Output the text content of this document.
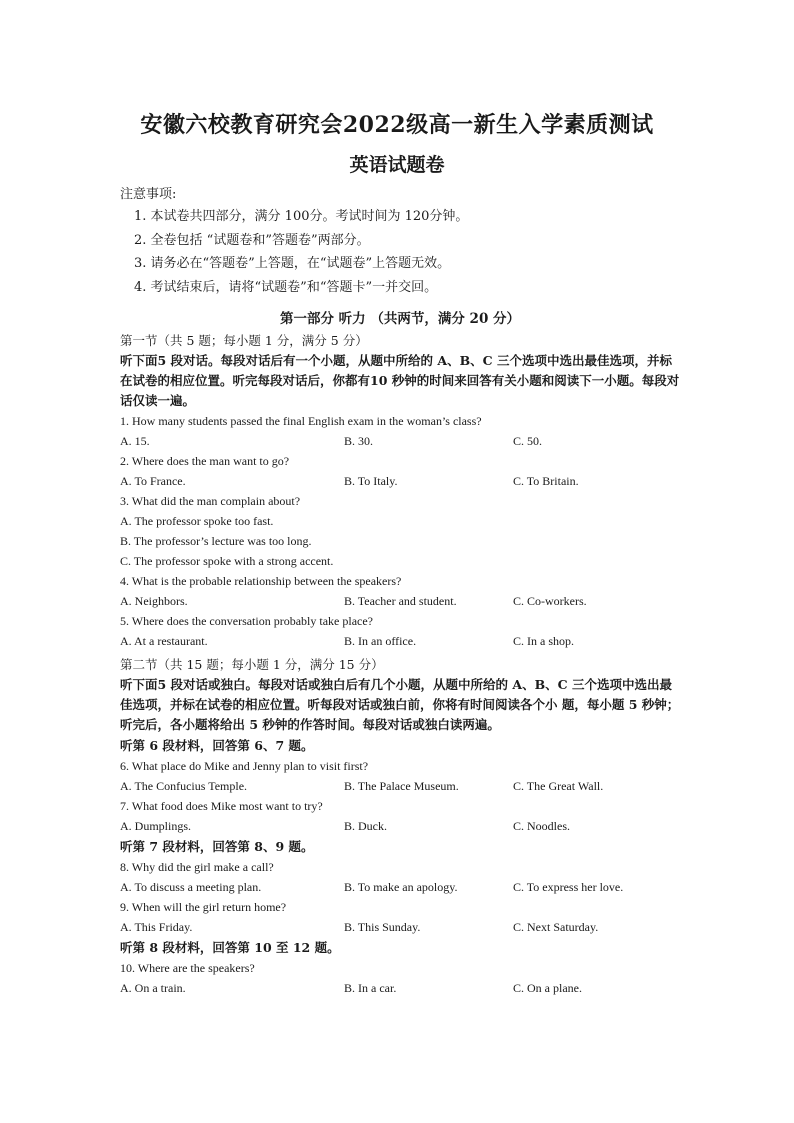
安徽六校教育研究会2022级高一新生入学素质测试
英语试题卷
注意事项:
1. 本试卷共四部分，满分 100分。考试时间为 120分钟。
2. 全卷包括 “试题卷和”答题卷”两部分。
3. 请务必在“答题卷”上答题，在“试题卷”上答题无效。
4. 考试结束后，请将“试题卷”和“答题卡”一并交回。
第一部分 听力 （共两节，满分 20 分）
第一节（共 5 题；每小题 1 分，满分 5 分）
听下面5 段对话。每段对话后有一个小题，从题中所给的 A、B、C 三个选项中选出最佳选项，并标在试卷的相应位置。听完每段对话后，你都有10 秒钟的时间来回答有关小题和阅读下一小题。每段对话仅读一遍。
1. How many students passed the final English exam in the woman’s class?
A. 15.	B. 30.	C. 50.
2. Where does the man want to go?
A. To France.	B. To Italy.	C. To Britain.
3. What did the man complain about?
A. The professor spoke too fast.
B. The professor’s lecture was too long.
C. The professor spoke with a strong accent.
4. What is the probable relationship between the speakers?
A. Neighbors.	B. Teacher and student.	C. Co-workers.
5. Where does the conversation probably take place?
A. At a restaurant.	B. In an office.	C. In a shop.
第二节（共 15 题；每小题 1 分，满分 15 分）
听下面5 段对话或独白。每段对话或独白后有几个小题，从题中所给的 A、B、C 三个选项中选出最佳选项，并标在试卷的相应位置。听每段对话或独白前，你将有时间阅读各个小 题，每小题 5 秒钟；听完后，各小题将给出 5 秒钟的作答时间。每段对话或独白读两遍。
听第 6 段材料，回答第 6、7 题。
6. What place do Mike and Jenny plan to visit first?
A. The Confucius Temple.	B. The Palace Museum.	C. The Great Wall.
7. What food does Mike most want to try?
A. Dumplings.	B. Duck.	C. Noodles.
听第 7 段材料，回答第 8、9 题。
8. Why did the girl make a call?
A. To discuss a meeting plan.	B. To make an apology.	C. To express her love.
9. When will the girl return home?
A. This Friday.	B. This Sunday.	C. Next Saturday.
听第 8 段材料，回答第 10 至 12 题。
10. Where are the speakers?
A. On a train.	B. In a car.	C. On a plane.
